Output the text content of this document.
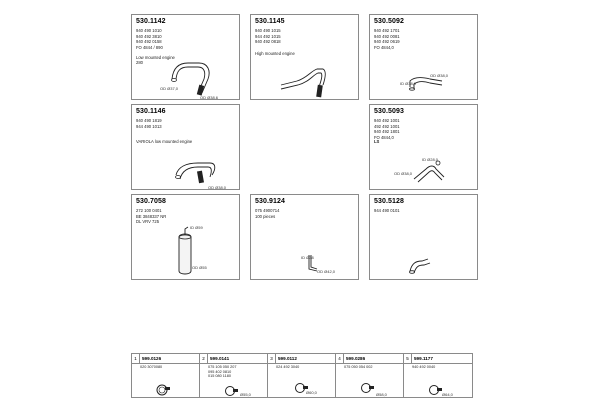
530.1142
940 490 1010
940 492 3810
940 492 0158
FO 4844 / 890
Low mounted engine
280
OD Ø37,0
OD Ø38,6
530.1145
940 490 1015
944 492 1015
940 492 0818
High mounted engine
530.5092
940 492 1701
940 492 0081
940 492 0619
FO 4844,0
ID Ø38,0
OD Ø38,0
530.1146
940 490 1819
944 490 1013
VARIOLA low mounted engine
OD Ø38,0
530.5093
940 492 1001
492 492 1001
940 492 1801
FO 4844,0
LS
ID Ø28,0
OD Ø38,0
530.7058
272 100 0401
BE 3848337 NR
DL VRV 725
ID Ø59
OD Ø55
530.9124
075 4900714
100 pieces
ID Ø38
OD Ø42,0
530.5128
944 490 0101
1	599.0126
020 3070080
2	599.0141
075 105 050 207
095 402 0810
015 080 1180
Ø55,0
3	599.0112
024 492 3040
Ø60,0
4	599.0286
075 050 054 002
Ø58,0
5	599.1177
940 492 0040
Ø64,0
